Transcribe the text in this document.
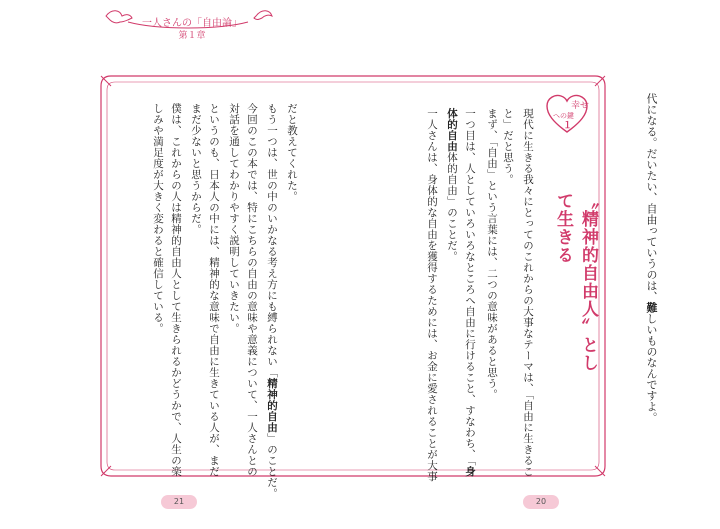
一人さんの「自由論」
第１章
代になる。だいたい、自由っていうのは、難しいものなんですよ。
幸せ
への鍵
１
〝精神的自由人〟として生きる
現代に生きる我々にとってのこれからの大事なテーマは、「自由に生きるこ
と」だと思う。
まず、「自由」という言葉には、二つの意味があると思う。
一つ目は、人としていろいろなところへ自由に行けること、すなわち、「身
体的自由体的自由」のことだ。
一人さんは、身体的な自由を獲得するためには、お金に愛されることが大事
だと教えてくれた。
もう一つは、世の中のいかなる考え方にも縛られない「精神的自由」のことだ。
今回のこの本では、特にこちらの自由の意味や意義について、一人さんとの
対話を通してわかりやすく説明していきたい。
というのも、日本人の中には、精神的な意味で自由に生きている人が、まだ
まだ少ないと思うからだ。
僕は、これからの人は精神的自由人として生きられるかどうかで、人生の楽
しみや満足度が大きく変わると確信している。
21	20
